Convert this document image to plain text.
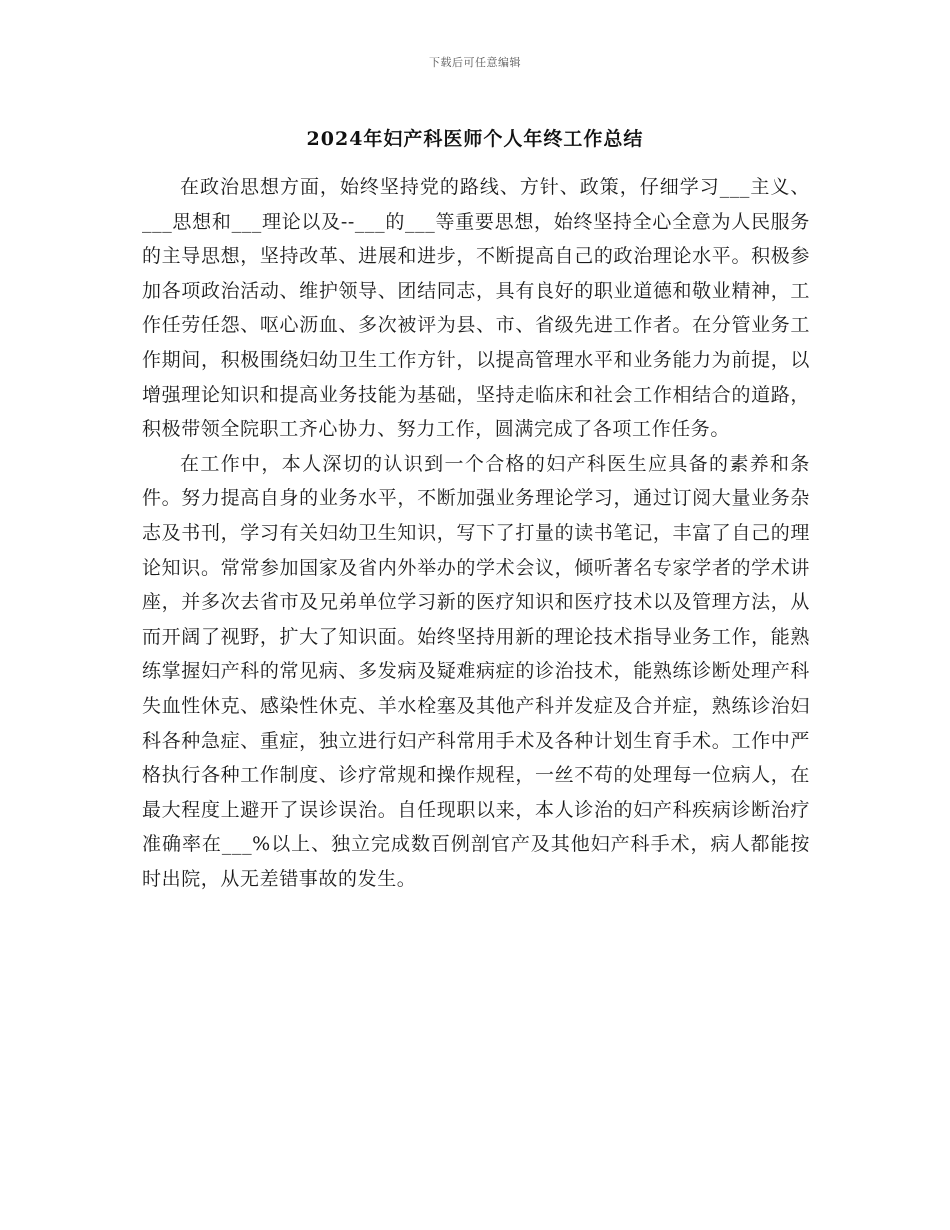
下载后可任意编辑
2024年妇产科医师个人年终工作总结

在政治思想方面，始终坚持党的路线、方针、政策，仔细学习___主义、___思想和___理论以及--___的___等重要思想，始终坚持全心全意为人民服务的主导思想，坚持改革、进展和进步，不断提高自己的政治理论水平。积极参加各项政治活动、维护领导、团结同志，具有良好的职业道德和敬业精神，工作任劳任怨、呕心沥血、多次被评为县、市、省级先进工作者。在分管业务工作期间，积极围绕妇幼卫生工作方针，以提高管理水平和业务能力为前提，以增强理论知识和提高业务技能为基础，坚持走临床和社会工作相结合的道路，积极带领全院职工齐心协力、努力工作，圆满完成了各项工作任务。

在工作中，本人深切的认识到一个合格的妇产科医生应具备的素养和条件。努力提高自身的业务水平，不断加强业务理论学习，通过订阅大量业务杂志及书刊，学习有关妇幼卫生知识，写下了打量的读书笔记，丰富了自己的理论知识。常常参加国家及省内外举办的学术会议，倾听著名专家学者的学术讲座，并多次去省市及兄弟单位学习新的医疗知识和医疗技术以及管理方法，从而开阔了视野，扩大了知识面。始终坚持用新的理论技术指导业务工作，能熟练掌握妇产科的常见病、多发病及疑难病症的诊治技术，能熟练诊断处理产科失血性休克、感染性休克、羊水栓塞及其他产科并发症及合并症，熟练诊治妇科各种急症、重症，独立进行妇产科常用手术及各种计划生育手术。工作中严格执行各种工作制度、诊疗常规和操作规程，一丝不苟的处理每一位病人，在最大程度上避开了误诊误治。自任现职以来，本人诊治的妇产科疾病诊断治疗准确率在___%以上、独立完成数百例剖官产及其他妇产科手术，病人都能按时出院，从无差错事故的发生。
